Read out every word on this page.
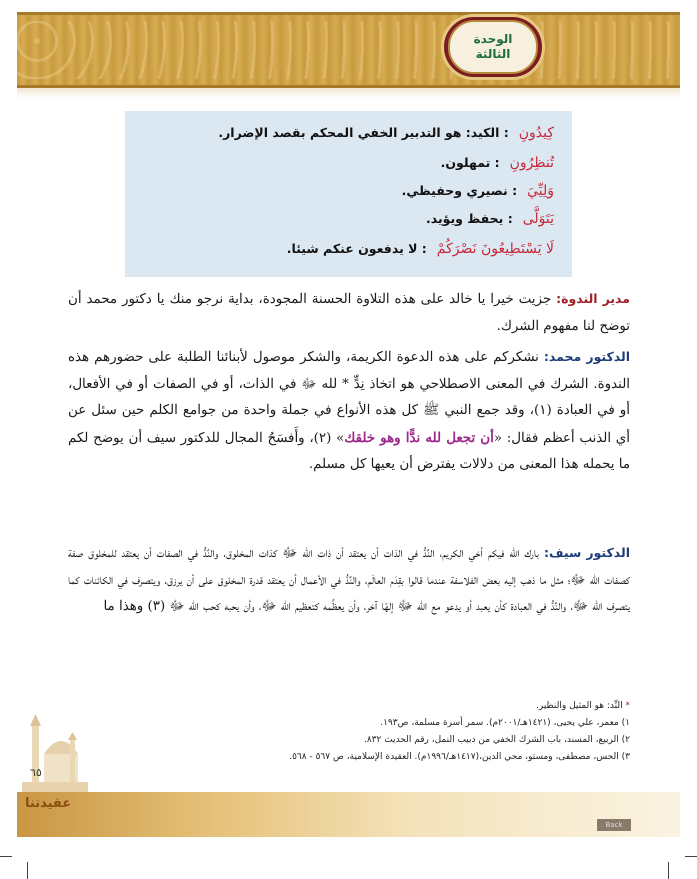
الوحدة
الثالثة
كِيدُونِ : الكيد: هو التدبير الخفي المحكم بقصد الإضرار.
تُنظِرُونِ : تمهلون.
وَلِيِّيَ : نصيري وحفيظي.
يَتَوَلَّى : يحفظ ويؤيد.
لَا يَسْتَطِيعُونَ نَصْرَكُمْ : لا يدفعون عنكم شيئا.
مدير الندوة: جزيت خيرا يا خالد على هذه التلاوة الحسنة المجودة، بداية نرجو منك يا دكتور محمد أن توضح لنا مفهوم الشرك.
الدكتور محمد: نشكركم على هذه الدعوة الكريمة، والشكر موصول لأبنائنا الطلبة على حضورهم هذه الندوة. الشرك في المعنى الاصطلاحي هو اتخاذ نِدٍّ * لله ﷻ في الذات، أو في الصفات أو في الأفعال، أو في العبادة (١)، وقد جمع النبي ﷺ كل هذه الأنواع في جملة واحدة من جوامع الكلم حين سئل عن أي الذنب أعظم فقال: «أن تجعل لله ندًّا وهو خلقك» (٢)، وأَفسَحُ المجال للدكتور سيف أن يوضح لكم ما يحمله هذا المعنى من دلالات يفترض أن يعيها كل مسلم.
الدكتور سيف: بارك الله فيكم أخي الكريم، النِّدُّ في الذات أن يعتقد أن ذات الله ﷻ كذات المخلوق، والنِّدُّ في الصفات أن يعتقد للمخلوق صفة كصفات الله ﷻ؛ مثل ما ذهب إليه بعض الفلاسفة عندما قالوا بقِدَم العالَم، والنِّدُّ في الأعمال أن يعتقد قدرة المخلوق على أن يرزق، ويتصرف في الكائنات كما يتصرف الله ﷻ، والنِّدُّ في العبادة كأن يعبد أو يدعو مع الله ﷻ إلهًا آخر، وأن يعظِّمه كتعظيم الله ﷻ، وأن يحبه كحب الله ﷻ (٣) وهذا ما
* النِّد: هو المثيل والنظير.
١) معمر، علي يحيى، (١٤٢١هـ/٢٠٠١م). سمر أسرة مسلمة، ص١٩٣.
٢) الربيع، المسند، باب الشرك الخفي من دبيب النمل، رقم الحديث ٨٣٢.
٣) الحس، مصطفى، ومستو، محي الدين،(١٤١٧هـ/١٩٩٦م). العقيدة الإسلامية، ص ٥٦٧ - ٥٦٨.
٦٥
عقيدتنا
Back
